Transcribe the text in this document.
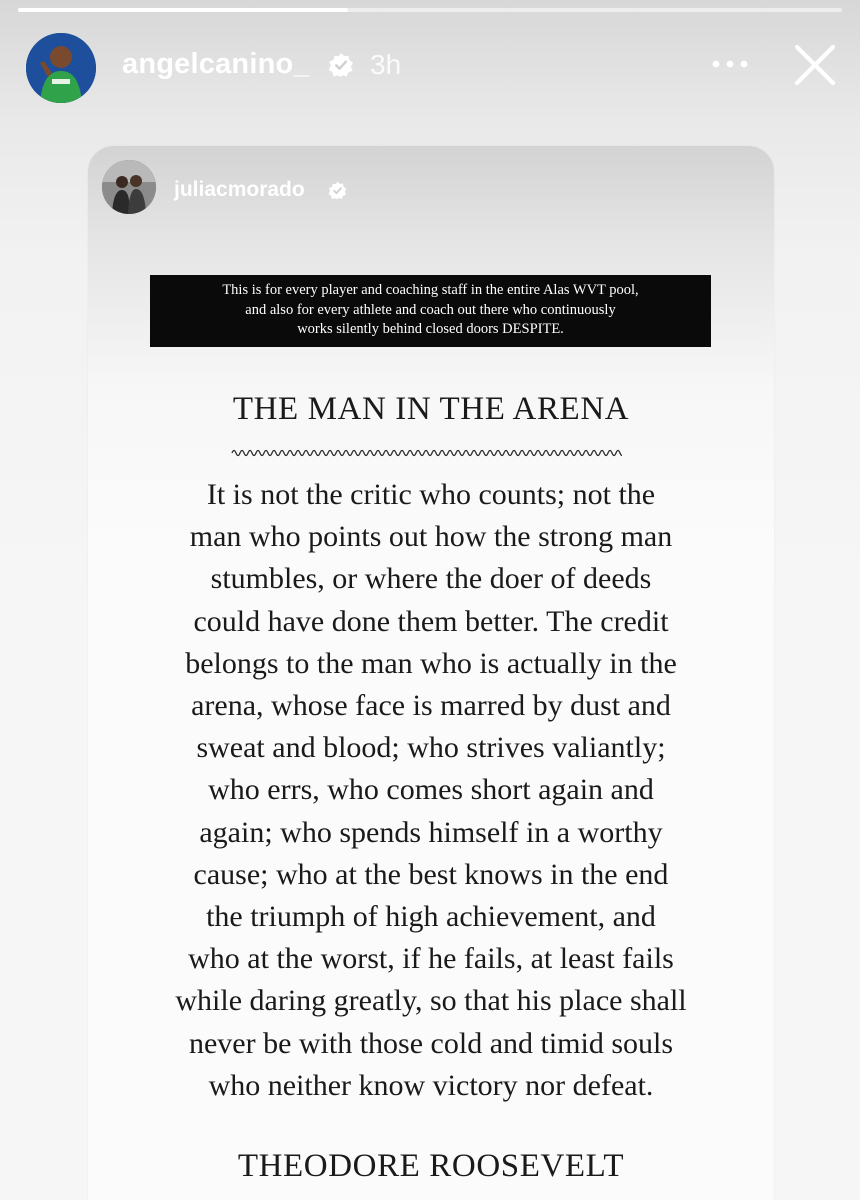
angelcanino_ 3h
juliacmorado
This is for every player and coaching staff in the entire Alas WVT pool,
and also for every athlete and coach out there who continuously
works silently behind closed doors DESPITE.
THE MAN IN THE ARENA
It is not the critic who counts; not the
man who points out how the strong man
stumbles, or where the doer of deeds
could have done them better. The credit
belongs to the man who is actually in the
arena, whose face is marred by dust and
sweat and blood; who strives valiantly;
who errs, who comes short again and
again; who spends himself in a worthy
cause; who at the best knows in the end
the triumph of high achievement, and
who at the worst, if he fails, at least fails
while daring greatly, so that his place shall
never be with those cold and timid souls
who neither know victory nor defeat.
THEODORE ROOSEVELT
